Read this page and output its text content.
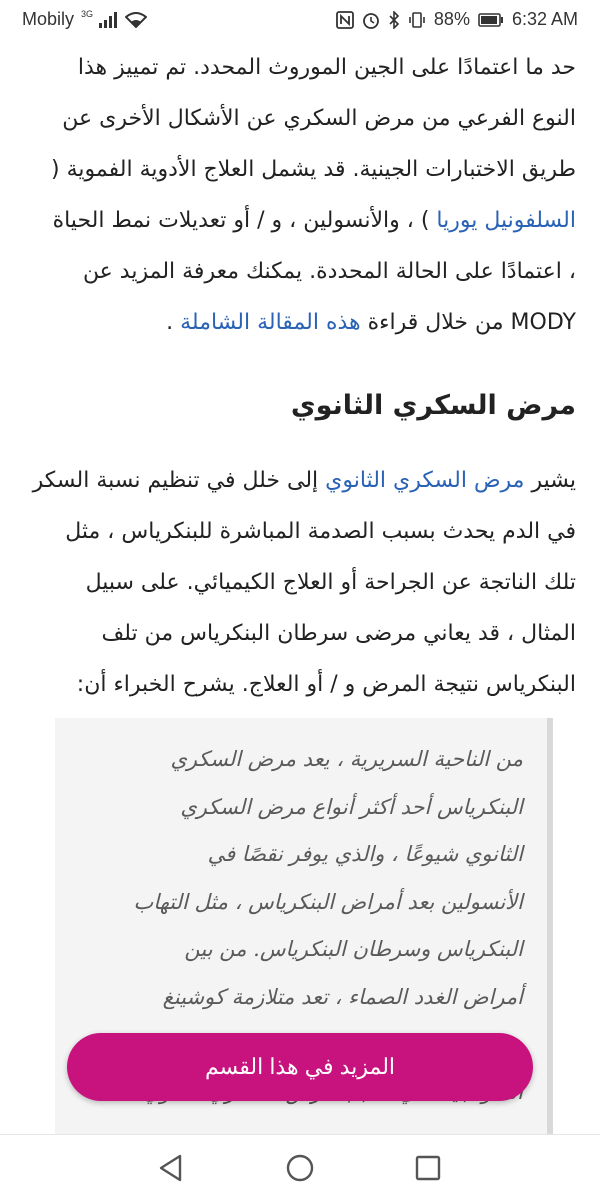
Mobily 3G	88% 6:32 AM

حد ما اعتمادًا على الجين الموروث المحدد. تم تمييز هذا
النوع الفرعي من مرض السكري عن الأشكال الأخرى عن
طريق الاختبارات الجينية. قد يشمل العلاج الأدوية الفموية (
السلفونيل يوريا ) ، والأنسولين ، و / أو تعديلات نمط الحياة
، اعتمادًا على الحالة المحددة. يمكنك معرفة المزيد عن
MODY من خلال قراءة هذه المقالة الشاملة .

مرض السكري الثانوي

يشير مرض السكري الثانوي إلى خلل في تنظيم نسبة السكر
في الدم يحدث بسبب الصدمة المباشرة للبنكرياس ، مثل
تلك الناتجة عن الجراحة أو العلاج الكيميائي. على سبيل
المثال ، قد يعاني مرضى سرطان البنكرياس من تلف
البنكرياس نتيجة المرض و / أو العلاج. يشرح الخبراء أن:

من الناحية السريرية ، يعد مرض السكري
البنكرياس أحد أكثر أنواع مرض السكري
الثانوي شيوعًا ، والذي يوفر نقصًا في
الأنسولين بعد أمراض البنكرياس ، مثل التهاب
البنكرياس وسرطان البنكرياس. من بين
أمراض الغدد الصماء ، تعد متلازمة كوشينغ

المزيد في هذا القسم
